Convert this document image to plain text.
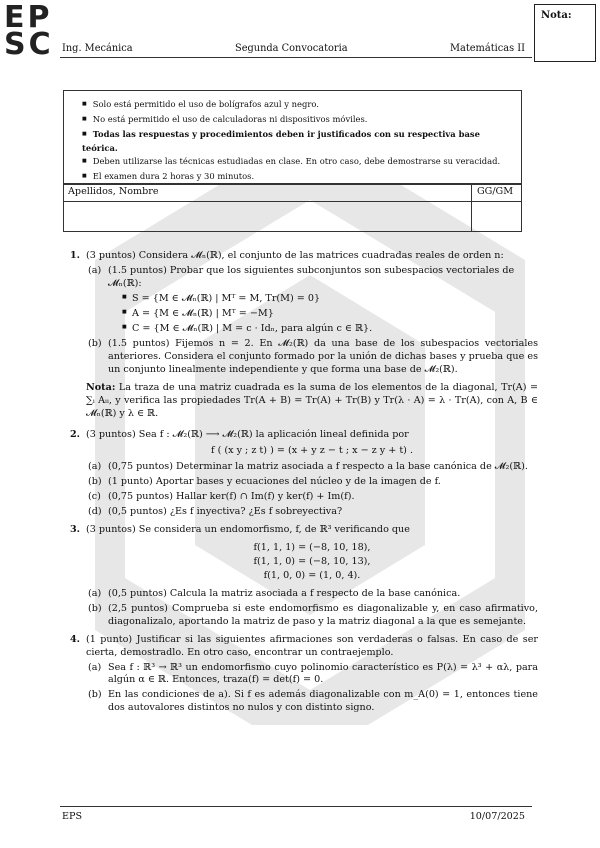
EP
SC Ing. Mecánica	Segunda Convocatoria	Matemáticas II
Nota:
■ Solo está permitido el uso de bolígrafos azul y negro.
■ No está permitido el uso de calculadoras ni dispositivos móviles.
■ Todas las respuestas y procedimientos deben ir justificados con su respectiva base teórica.
■ Deben utilizarse las técnicas estudiadas en clase. En otro caso, debe demostrarse su veracidad.
■ El examen dura 2 horas y 30 minutos.
Apellidos, Nombre	GG/GM
1. (3 puntos) Considera 𝓜ₙ(ℝ), el conjunto de las matrices cuadradas reales de orden n:
(a) (1.5 puntos) Probar que los siguientes subconjuntos son subespacios vectoriales de 𝓜ₙ(ℝ):
■ S = {M ∈ 𝓜ₙ(ℝ) | Mᵀ = M, Tr(M) = 0}
■ A = {M ∈ 𝓜ₙ(ℝ) | Mᵀ = −M}
■ C = {M ∈ 𝓜ₙ(ℝ) | M = c · Idₙ, para algún c ∈ ℝ}.
(b) (1.5 puntos) Fijemos n = 2. En 𝓜₂(ℝ) da una base de los subespacios vectoriales anteriores. Considera el conjunto formado por la unión de dichas bases y prueba que es un conjunto linealmente independiente y que forma una base de 𝓜₂(ℝ).
Nota: La traza de una matriz cuadrada es la suma de los elementos de la diagonal, Tr(A) = ∑ᵢ Aᵢᵢ, y verifica las propiedades Tr(A + B) = Tr(A) + Tr(B) y Tr(λ · A) = λ · Tr(A), con A, B ∈ 𝓜ₙ(ℝ) y λ ∈ ℝ.
2. (3 puntos) Sea f : 𝓜₂(ℝ) ⟶ 𝓜₂(ℝ) la aplicación lineal definida por
f ( (x y ; z t) ) = (x + y z − t ; x − z y + t) .
(a) (0,75 puntos) Determinar la matriz asociada a f respecto a la base canónica de 𝓜₂(ℝ).
(b) (1 punto) Aportar bases y ecuaciones del núcleo y de la imagen de f.
(c) (0,75 puntos) Hallar ker(f) ∩ Im(f) y ker(f) + Im(f).
(d) (0,5 puntos) ¿Es f inyectiva? ¿Es f sobreyectiva?
3. (3 puntos) Se considera un endomorfismo, f, de ℝ³ verificando que
f(1, 1, 1) = (−8, 10, 18),
f(1, 1, 0) = (−8, 10, 13),
f(1, 0, 0) = (1, 0, 4).
(a) (0,5 puntos) Calcula la matriz asociada a f respecto de la base canónica.
(b) (2,5 puntos) Comprueba si este endomorfismo es diagonalizable y, en caso afirmativo, diagonalizalo, aportando la matriz de paso y la matriz diagonal a la que es semejante.
4. (1 punto) Justificar si las siguientes afirmaciones son verdaderas o falsas. En caso de ser cierta, demostradlo. En otro caso, encontrar un contraejemplo.
(a) Sea f : ℝ³ → ℝ³ un endomorfismo cuyo polinomio característico es P(λ) = λ³ + αλ, para algún α ∈ ℝ. Entonces, traza(f) = det(f) = 0.
(b) En las condiciones de a). Si f es además diagonalizable con m_A(0) = 1, entonces tiene dos autovalores distintos no nulos y con distinto signo.
EPS	10/07/2025
